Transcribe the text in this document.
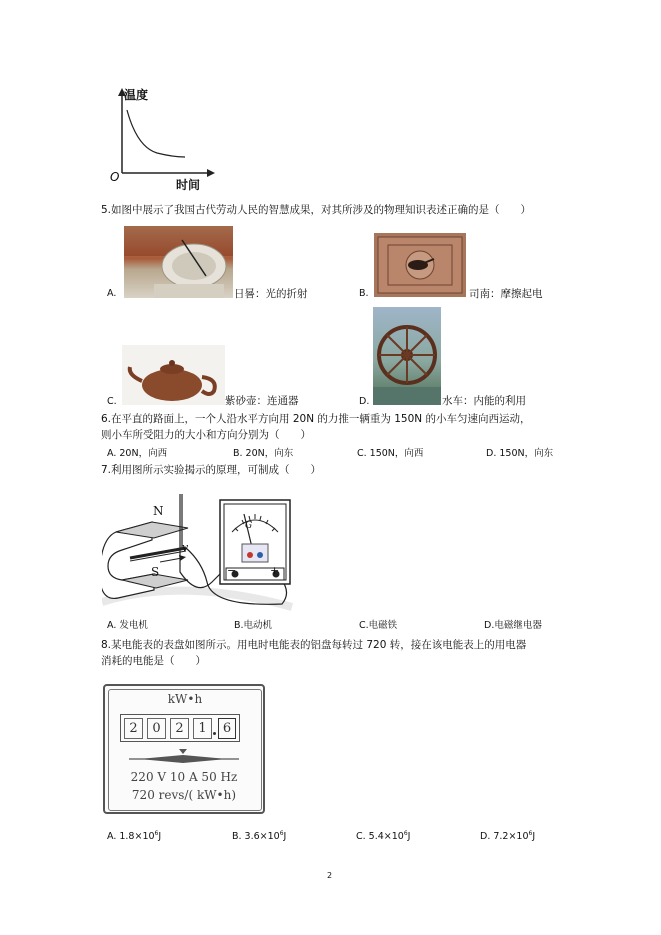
温度
时间
O
5.如图中展示了我国古代劳动人民的智慧成果，对其所涉及的物理知识表述正确的是（　　）
A.	日晷：光的折射	B.	司南：摩擦起电
C.	紫砂壶：连通器	D.	水车：内能的利用
6.在平直的路面上，一个人沿水平方向用 20N 的力推一辆重为 150N 的小车匀速向西运动，
则小车所受阻力的大小和方向分别为（　　）
A. 20N，向西	B. 20N，向东	C. 150N，向西	D. 150N，向东
7.利用图所示实验揭示的原理，可制成（　　）
N
S
v
G
−	+
A. 发电机	B.电动机	C.电磁铁	D.电磁继电器
8.某电能表的表盘如图所示。用电时电能表的铝盘每转过 720 转，接在该电能表上的用电器
消耗的电能是（　　）
kW•h
2	0	2	1	6
220 V 10 A 50 Hz
720 revs/( kW•h)
A. $1.8\times 10^6J$	B. $3.6\times 10^6J$	C. $5.4\times 10^6J$	D. $7.2\times 10^6J$
2
